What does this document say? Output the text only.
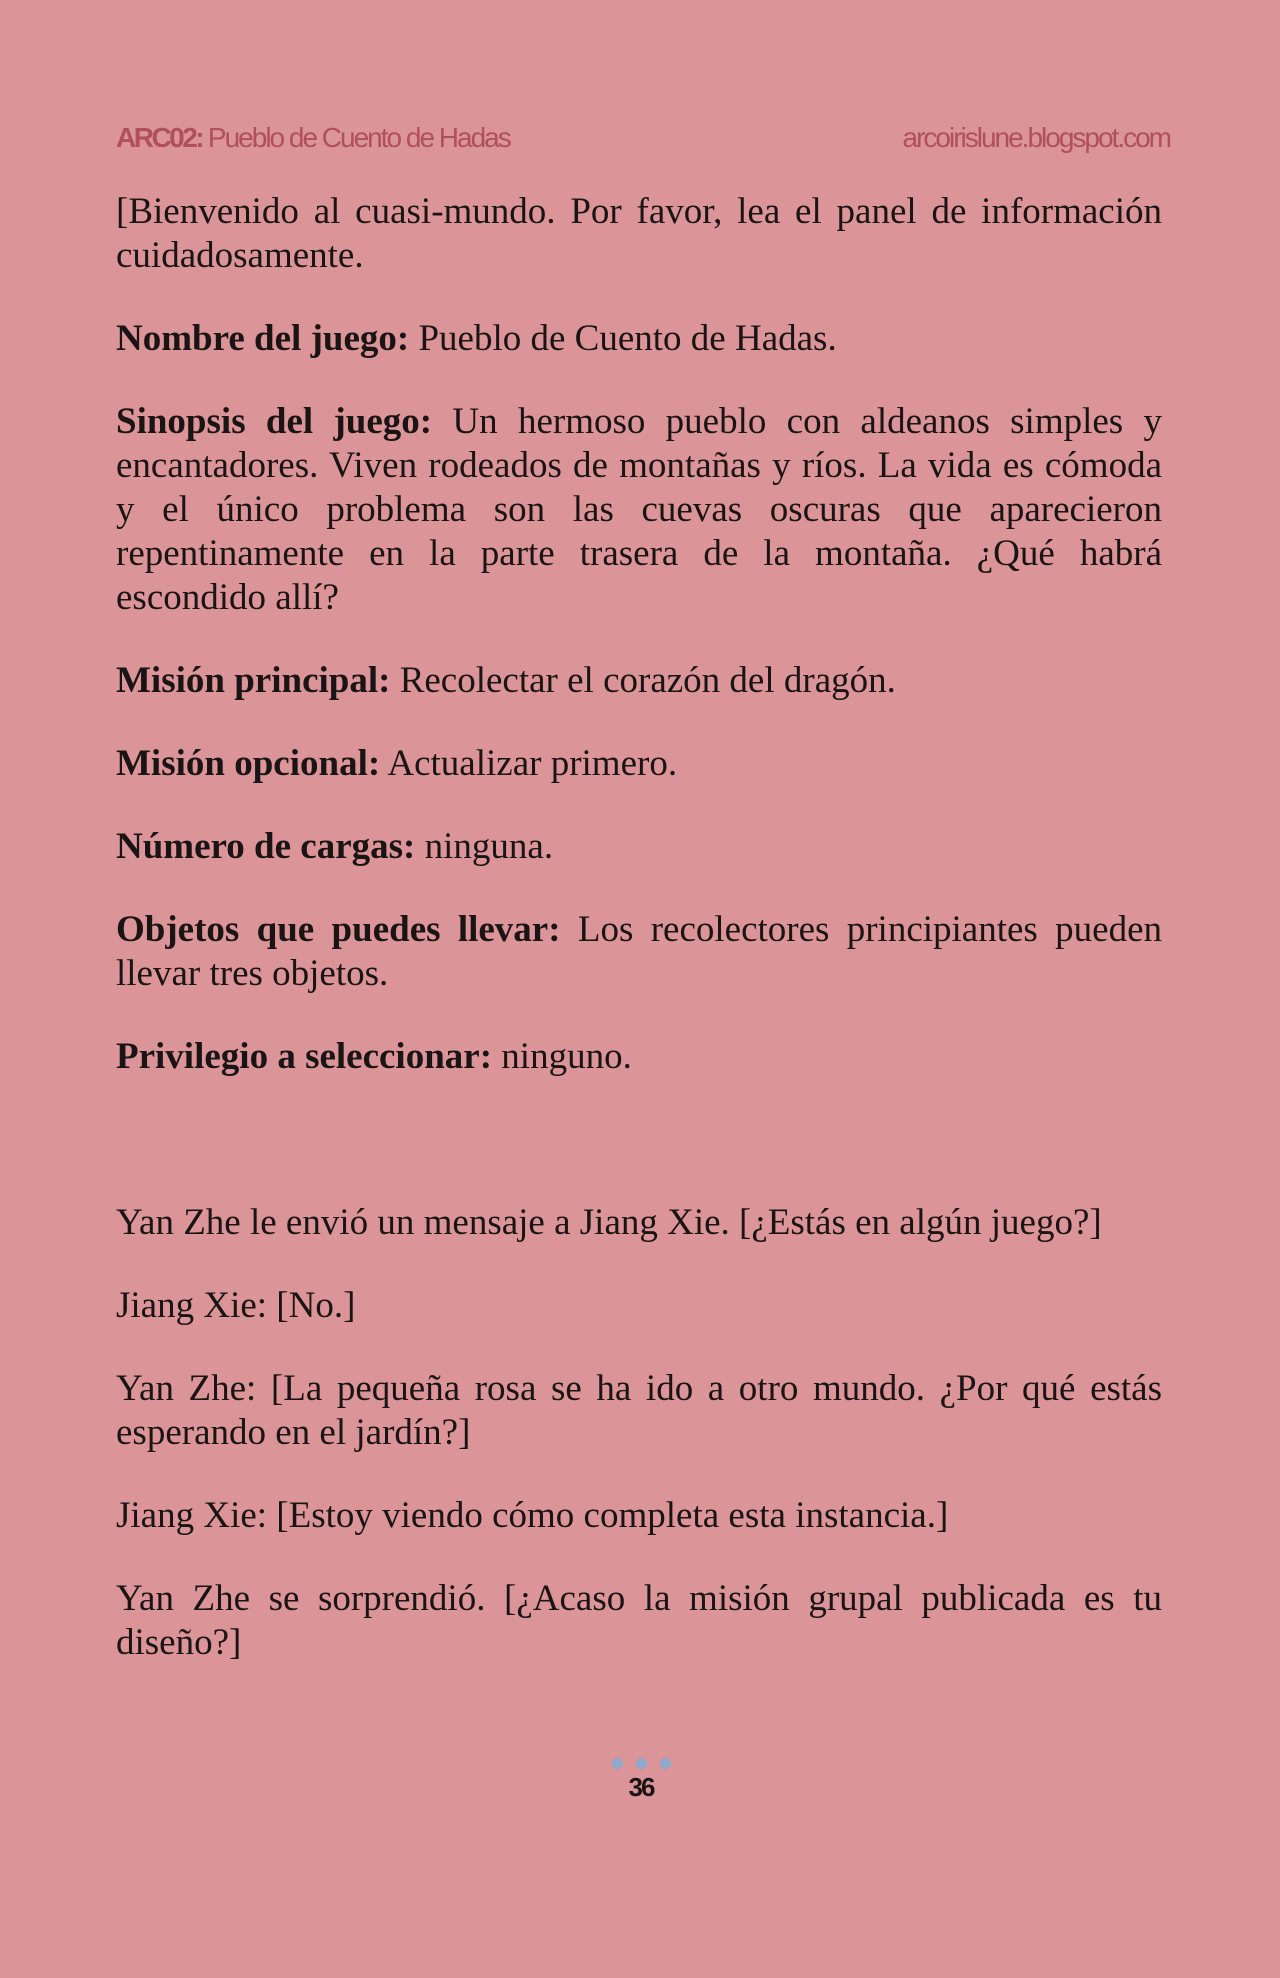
ARC02: Pueblo de Cuento de Hadas	arcoirislune.blogspot.com

[Bienvenido al cuasi-mundo. Por favor, lea el panel de información cuidadosamente.

Nombre del juego: Pueblo de Cuento de Hadas.

Sinopsis del juego: Un hermoso pueblo con aldeanos simples y encantadores. Viven rodeados de montañas y ríos. La vida es cómoda y el único problema son las cuevas oscuras que aparecieron repentinamente en la parte trasera de la montaña. ¿Qué habrá escondido allí?

Misión principal: Recolectar el corazón del dragón.

Misión opcional: Actualizar primero.

Número de cargas: ninguna.

Objetos que puedes llevar: Los recolectores principiantes pueden llevar tres objetos.

Privilegio a seleccionar: ninguno.

Yan Zhe le envió un mensaje a Jiang Xie. [¿Estás en algún juego?]

Jiang Xie: [No.]

Yan Zhe: [La pequeña rosa se ha ido a otro mundo. ¿Por qué estás esperando en el jardín?]

Jiang Xie: [Estoy viendo cómo completa esta instancia.]

Yan Zhe se sorprendió. [¿Acaso la misión grupal publicada es tu diseño?]

36
